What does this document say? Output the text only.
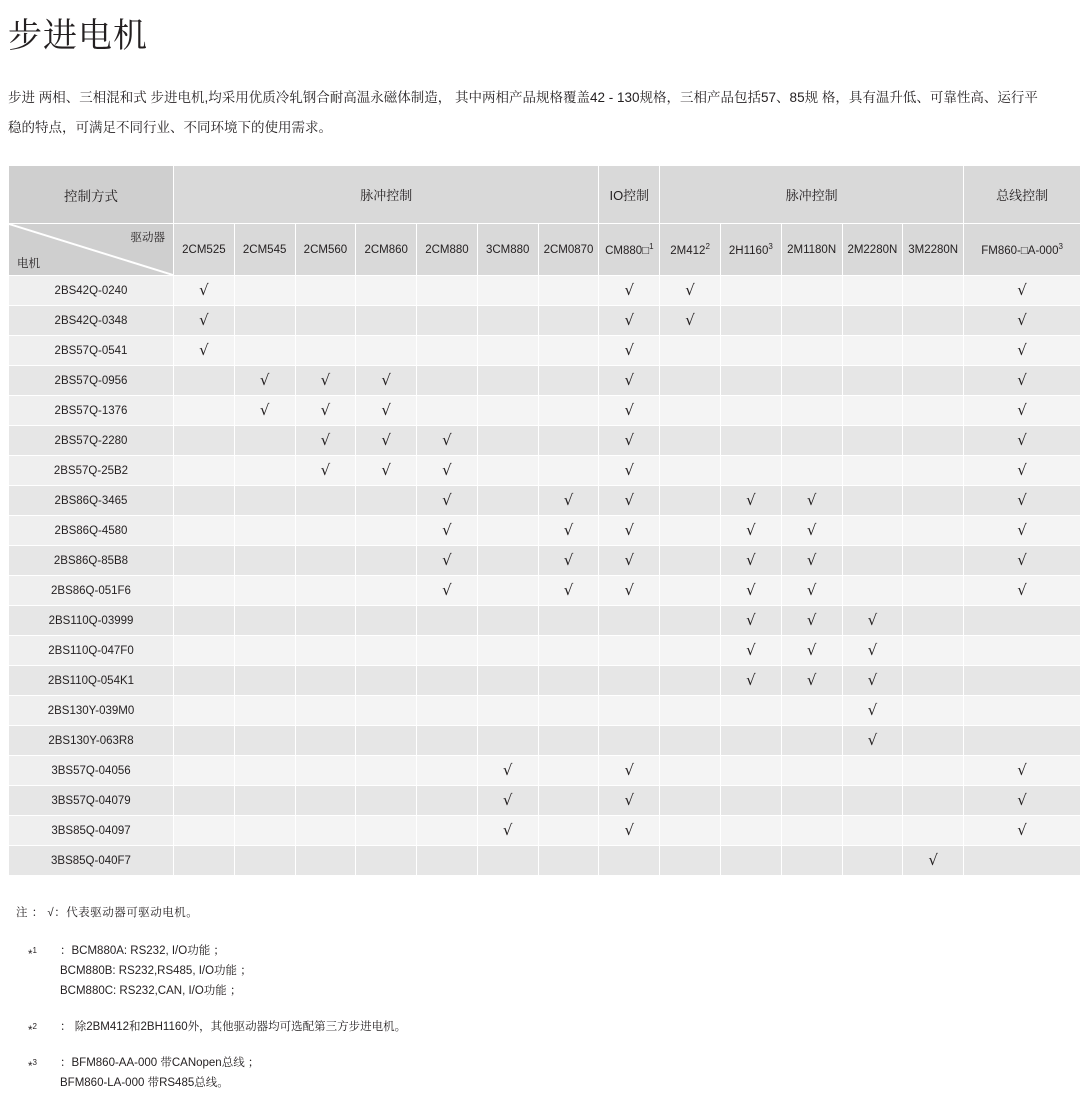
步进电机
步进 两相、三相混和式 步进电机,均采用优质冷轧钢合耐高温永磁体制造， 其中两相产品规格覆盖42 - 130规格，三相产品包括57、85规 格，具有温升低、可靠性高、运行平稳的特点，可满足不同行业、不同环境下的使用需求。
控制方式	脉冲控制							IO控制	脉冲控制					总线控制

驱动器
电机	2CM525	2CM545	2CM560	2CM860	2CM880	3CM880	2CM0870	CM880□$^1$	$2M412^2$	2H1160$^3$	2M1180N	2M2280N	3M2280N	$FM860-□A-000^3$
2BS42Q-0240	√							√	√					√
2BS42Q-0348	√							√	√					√
2BS57Q-0541	√							√						√
2BS57Q-0956		√	√	√				√						√
2BS57Q-1376		√	√	√				√						√
2BS57Q-2280			√	√	√			√						√
2BS57Q-25B2			√	√	√			√						√
2BS86Q-3465					√		√	√		√	√			√
2BS86Q-4580					√		√	√		√	√			√
2BS86Q-85B8					√		√	√		√	√			√
2BS86Q-051F6					√		√	√		√	√			√
2BS110Q-03999										√	√	√		
2BS110Q-047F0										√	√	√		
2BS110Q-054K1										√	√	√		
2BS130Y-039M0												√		
2BS130Y-063R8												√		
3BS57Q-04056						√		√						√
3BS57Q-04079						√		√						√
3BS85Q-04097						√		√						√
3BS85Q-040F7													√	
注 ： √：代表驱动器可驱动电机。
*$^1$ ：BCM880A: RS232, I/O功能 ；
BCM880B: RS232,RS485, I/O功能 ；
BCM880C: RS232,CAN, I/O功能 ；
*$^2$ ： 除2BM412和2BH1160外，其他驱动器均可选配第三方步进电机。
*$^3$ ：BFM860-AA-000 带CANopen总线 ；
BFM860-LA-000 带RS485总线。
